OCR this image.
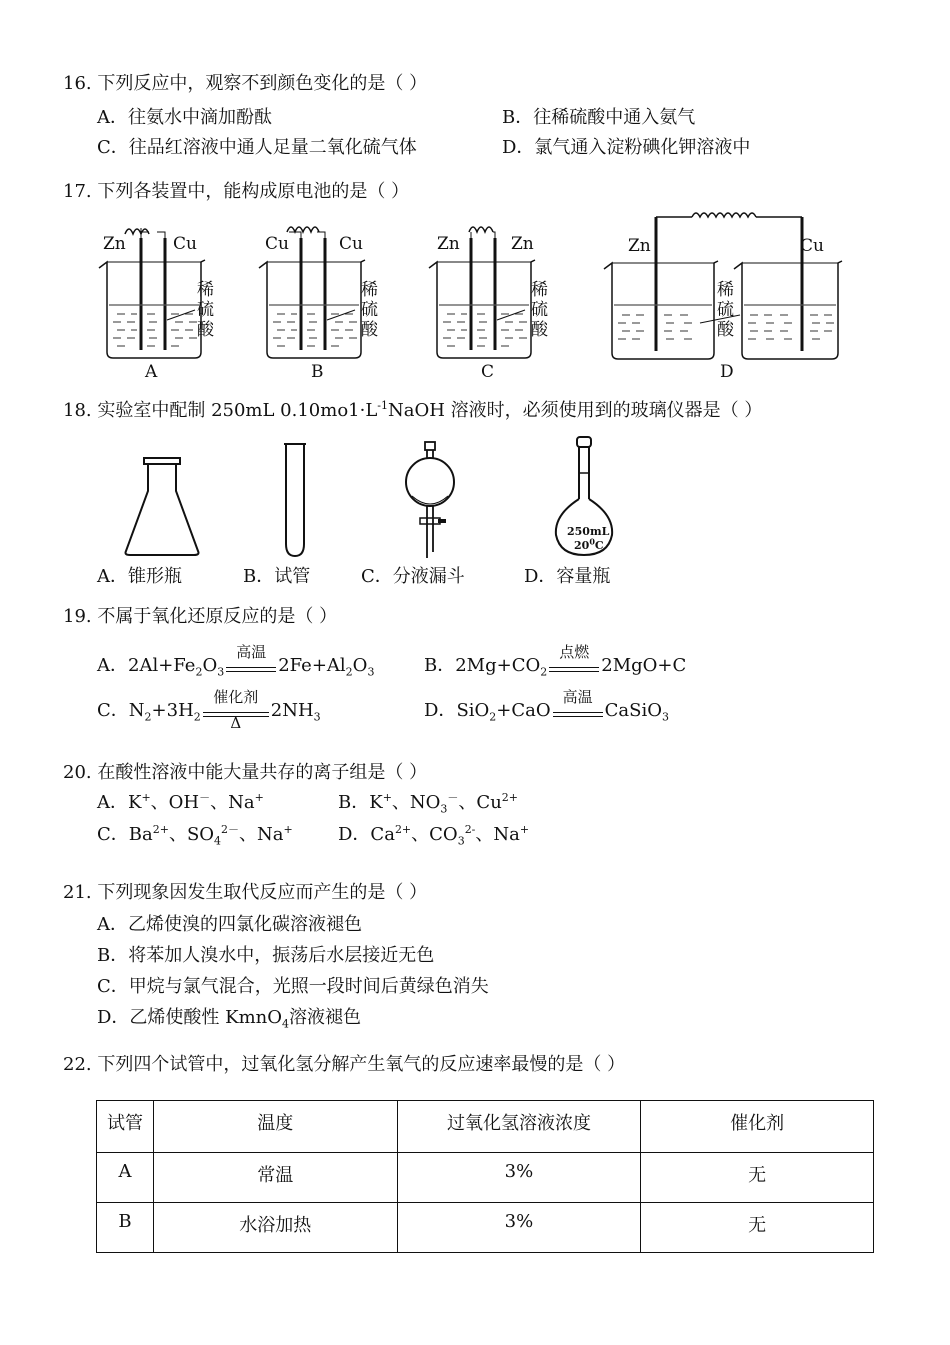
16. 下列反应中，观察不到颜色变化的是（ ）
A．往氨水中滴加酚酞	B．往稀硫酸中通入氨气
C．往品红溶液中通人足量二氧化硫气体	D．氯气通入淀粉碘化钾溶液中
17. 下列各装置中，能构成原电池的是（ ）
Zn	Cu
稀
硫
酸
A
Cu	Cu
稀
硫
酸
B
Zn	Zn
稀
硫
酸
C
Zn	Cu
稀
硫
酸
D
18. 实验室中配制 250mL $0.10mo1\cdot L^{-1}NaOH$ 溶液时，必须使用到的玻璃仪器是（ ）
250mL
$20^0C$
A．锥形瓶	B．试管	C．分液漏斗	D．容量瓶
19. 不属于氧化还原反应的是（ ）
A．$2Al+Fe_2O_3$
高温
$2Fe+Al_2O_3$	B．$2Mg+CO_2$
点燃
2MgO+C
C．$N_2+3H_2$
催化剂
Δ
$2NH_3$	D．SiO$_2$+CaO
高温
CaSiO$_3$
20. 在酸性溶液中能大量共存的离子组是（ ）
A．K+、OH－、Na+	B．K+、$NO_3^-$、$Cu^{2+}$
C．$Ba^{2+}$、$SO_4^{2-}$、Na+	D．$Ca^{2+}$、$CO_3^{2-}$、Na+
21. 下列现象因发生取代反应而产生的是（ ）
A．乙烯使溴的四氯化碳溶液褪色
B．将苯加人溴水中，振荡后水层接近无色
C．甲烷与氯气混合，光照一段时间后黄绿色消失
D．乙烯使酸性 KmnO$_4$溶液褪色
22. 下列四个试管中，过氧化氢分解产生氧气的反应速率最慢的是（ ）
试管	温度	过氧化氢溶液浓度	催化剂
A	常温	3%	无
B	水浴加热	3%	无
